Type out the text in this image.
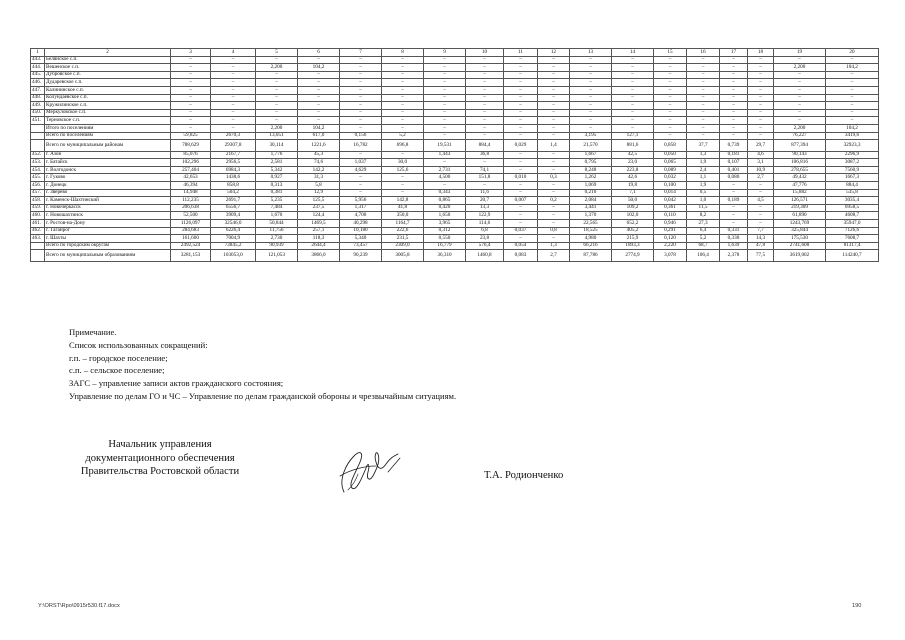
1	2	3	4	5	6	7	8	9	10	11	12	13	14	15	16	17	18	19	20
443.	Белянское с.п.	–	–	–	–	–	–	–	–	–	–	–	–	–	–	–	–	–	–
444.	Вешенское с.п.	–	–	2,200	104,2	–	–	–	–	–	–	–	–	–	–	–	–	2,200	104,2
445.	Дубровское с.п.	–	–	–	–	–	–	–	–	–	–	–	–	–	–	–	–	–	–
446.	Дударевское с.п.	–	–	–	–	–	–	–	–	–	–	–	–	–	–	–	–	–	–
447.	Калининское с.п.	–	–	–	–	–	–	–	–	–	–	–	–	–	–	–	–	–	–
448.	Колундаевское с.п.	–	–	–	–	–	–	–	–	–	–	–	–	–	–	–	–	–	–
449.	Кружилинское с.п.	–	–	–	–	–	–	–	–	–	–	–	–	–	–	–	–	–	–
450.	Меркуловское с.п.	–	–	–	–	–	–	–	–	–	–	–	–	–	–	–	–	–	–
451.	Терновское с.п.	–	–	–	–	–	–	–	–	–	–	–	–	–	–	–	–	–	–
	Итого по поселениям	–	–	2,200	104,2	–	–	–	–	–	–	–	–	–	–	–	–	2,200	104,2
	Всего по поселениям	59,825	2670,3	13,051	617,0	0,156	5,2	–	–	–	–	3,195	127,1	–	–	–	–	76,227	3419,6
	Всего по муниципальным районам	788,629	29307,8	30,114	1221,6	16,782	696,8	19,531	884,4	0,029	1,4	21,570	881,6	0,858	37,7	0,739	29,7	877,394	32923,3
452.	г. Азов	85,076	2167,7	1,776	45,3	–	–	1,443	36,8	–	–	1,667	42,5	0,050	1,3	0,181	4,6	90,143	2296,9
453.	г. Батайск	102,296	2956,5	2,581	74,6	1,037	30,0	–	–	–	–	0,795	23,0	0,065	1,9	0,107	3,1	106,816	3087,2
454.	г. Волгодонск	257,404	6984,3	5,342	142,2	4,629	125,6	2,731	74,1	–	–	8,248	223,8	0,089	2,4	0,401	10,9	278,655	7560,9
455.	г. Гуково	42,653	1438,6	0,927	31,3	–	–	4,500	151,8	0,010	0,3	1,262	42,6	0,032	1,1	0,080	2,7	49,432	1667,3
456.	г. Донецк	46,394	858,8	0,313	5,8	–	–	–	–	–	–	1,069	19,8	0,100	1,9	–	–	47,776	884,4
457.	г. Зверево	14,948	504,2	0,381	12,9	–	–	0,343	11,6	–	–	0,210	7,1	0,014	0,5	–	–	15,882	535,8
458.	г. Каменск-Шахтинский	112,235	2691,7	5,235	125,5	5,956	142,8	0,865	20,7	0,007	0,2	2,084	50,0	0,042	1,0	0,189	4,5	126,571	3035,4
459.	г. Новочеркасск	206,638	6556,7	7,484	237,5	1,317	41,8	0,420	13,3	–	–	3,441	109,2	0,361	11,5	–	–	219,309	6958,5
460.	г. Новошахтинск	52,500	3909,4	1,670	124,4	4,700	350,0	1,650	122,9	–	–	1,370	102,0	0,110	8,2	–	–	61,890	4608,7
461.	г. Ростов-на-Дону	1126,097	32546,0	50,844	1469,5	40,298	1164,7	3,965	114,6	–	–	22,565	652,2	0,946	27,3	–	–	1243,769	35947,0
462.	г. Таганрог	284,683	6226,4	11,756	257,1	10,180	222,6	0,312	6,8	0,037	0,8	18,525	405,2	0,291	6,4	0,331	7,7	325,844	7126,6
463.	г. Шахты	161,600	7004,9	2,730	118,3	5,340	231,5	0,550	23,8	–	–	4,980	215,9	0,120	5,2	0,330	14,3	175,530	7608,7
	Всего по городским округам	2492,524	73845,2	90,939	2644,4	73,457	2309,0	16,779	576,4	0,054	1,3	66,216	1893,3	2,220	68,7	1,639	47,8	2741,608	81317,4
	Всего по муниципальным образованиям	3281,153	103053,0	121,053	3866,0	90,239	3005,8	36,310	1460,8	0,083	2,7	87,786	2774,9	3,078	106,4	2,378	77,5	3619,002	114240,7
Примечание.
Список использованных сокращений:
г.п. – городское поселение;
с.п. – сельское поселение;
ЗАГС – управление записи актов гражданского состояния;
Управление по делам ГО и ЧС – Управление по делам гражданской обороны и чрезвычайным ситуациям.
Начальник управления
документационного обеспечения
Правительства Ростовской области	Т.А. Родионченко
Y:\ORST\Rpo\0915r530.f17.docx	190
